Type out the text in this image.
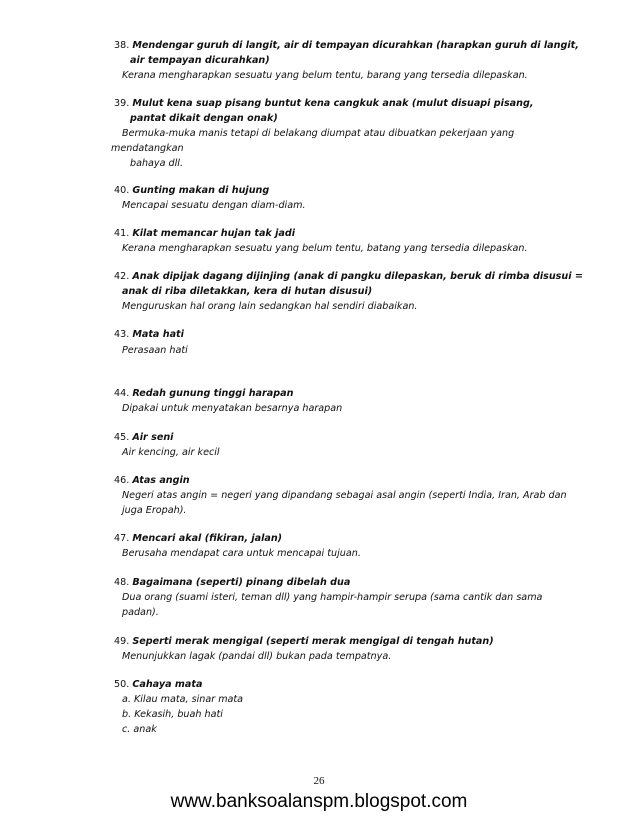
38. Mendengar guruh di langit, air di tempayan dicurahkan (harapkan guruh di langit,
air tempayan dicurahkan)
Kerana mengharapkan sesuatu yang belum tentu, barang yang tersedia dilepaskan.
39. Mulut kena suap pisang buntut kena cangkuk anak (mulut disuapi pisang,
pantat dikait dengan onak)
Bermuka-muka manis tetapi di belakang diumpat atau dibuatkan pekerjaan yang
mendatangkan
bahaya dll.
40. Gunting makan di hujung
Mencapai sesuatu dengan diam-diam.
41. Kilat memancar hujan tak jadi
Kerana mengharapkan sesuatu yang belum tentu, batang yang tersedia dilepaskan.
42. Anak dipijak dagang dijinjing (anak di pangku dilepaskan, beruk di rimba disusui =
anak di riba diletakkan, kera di hutan disusui)
Menguruskan hal orang lain sedangkan hal sendiri diabaikan.
43. Mata hati
Perasaan hati
44. Redah gunung tinggi harapan
Dipakai untuk menyatakan besarnya harapan
45. Air seni
Air kencing, air kecil
46. Atas angin
Negeri atas angin = negeri yang dipandang sebagai asal angin (seperti India, Iran, Arab dan
juga Eropah).
47. Mencari akal (fikiran, jalan)
Berusaha mendapat cara untuk mencapai tujuan.
48. Bagaimana (seperti) pinang dibelah dua
Dua orang (suami isteri, teman dll) yang hampir-hampir serupa (sama cantik dan sama
padan).
49. Seperti merak mengigal (seperti merak mengigal di tengah hutan)
Menunjukkan lagak (pandai dll) bukan pada tempatnya.
50. Cahaya mata
a. Kilau mata, sinar mata
b. Kekasih, buah hati
c. anak
26
www.banksoalanspm.blogspot.com
